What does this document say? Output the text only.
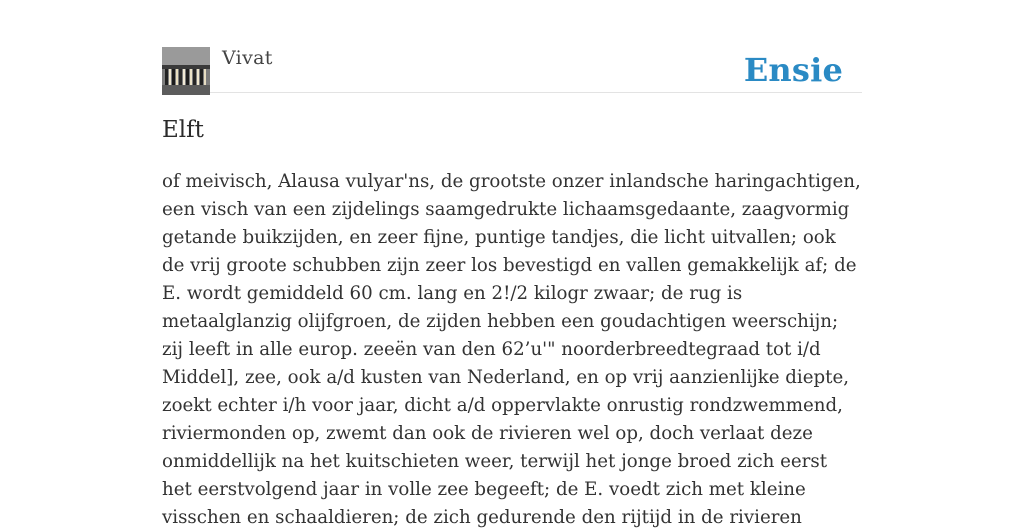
Vivat	Ensie
Elft

of meivisch, Alausa vulyar'ns, de grootste onzer inlandsche haringachtigen, een visch van een zijdelings saamgedrukte lichaamsgedaante, zaagvormig getande buikzijden, en zeer fijne, puntige tandjes, die licht uitvallen; ook de vrij groote schubben zijn zeer los bevestigd en vallen gemakkelijk af; de E. wordt gemiddeld 60 cm. lang en 2!/2 kilogr zwaar; de rug is metaalglanzig olijfgroen, de zijden hebben een goudachtigen weerschijn; zij leeft in alle europ. zeeën van den 62’u'" noorderbreedtegraad tot i/d Middel], zee, ook a/d kusten van Nederland, en op vrij aanzienlijke diepte, zoekt echter i/h voor jaar, dicht a/d oppervlakte onrustig rondzwemmend, riviermonden op, zwemt dan ook de rivieren wel op, doch verlaat deze onmiddellijk na het kuitschieten weer, terwijl het jonge broed zich eerst het eerstvolgend jaar in volle zee begeeft; de E. voedt zich met kleine visschen en schaaldieren; de zich gedurende den rijtijd in de rivieren
